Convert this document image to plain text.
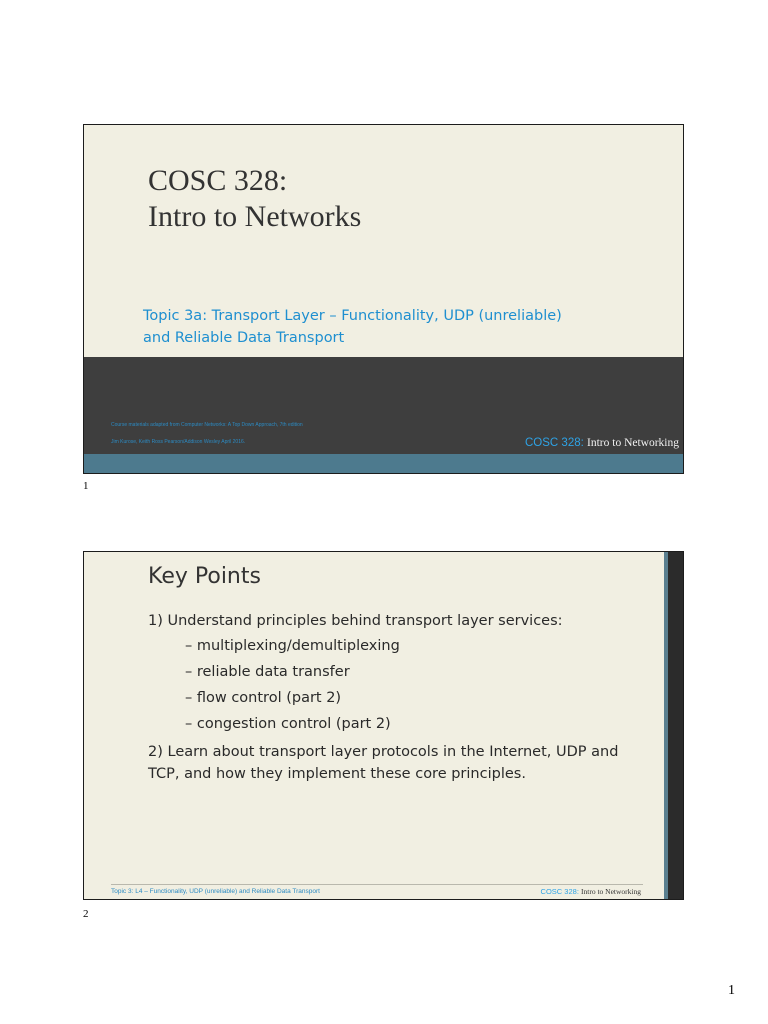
COSC 328:
Intro to Networks
Topic 3a: Transport Layer – Functionality, UDP (unreliable) and Reliable Data Transport
Course materials adapted from Computer Networks: A Top Down Approach, 7th edition
Jim Kurose, Keith Ross Pearson/Addison Wesley April 2016.	COSC 328: Intro to Networking
1
Key Points
1) Understand principles behind transport layer services:
– multiplexing/demultiplexing
– reliable data transfer
– flow control (part 2)
– congestion control (part 2)
2) Learn about transport layer protocols in the Internet, UDP and TCP, and how they implement these core principles.
Topic 3: L4 – Functionality, UDP (unreliable) and Reliable Data Transport	COSC 328: Intro to Networking
2
1
